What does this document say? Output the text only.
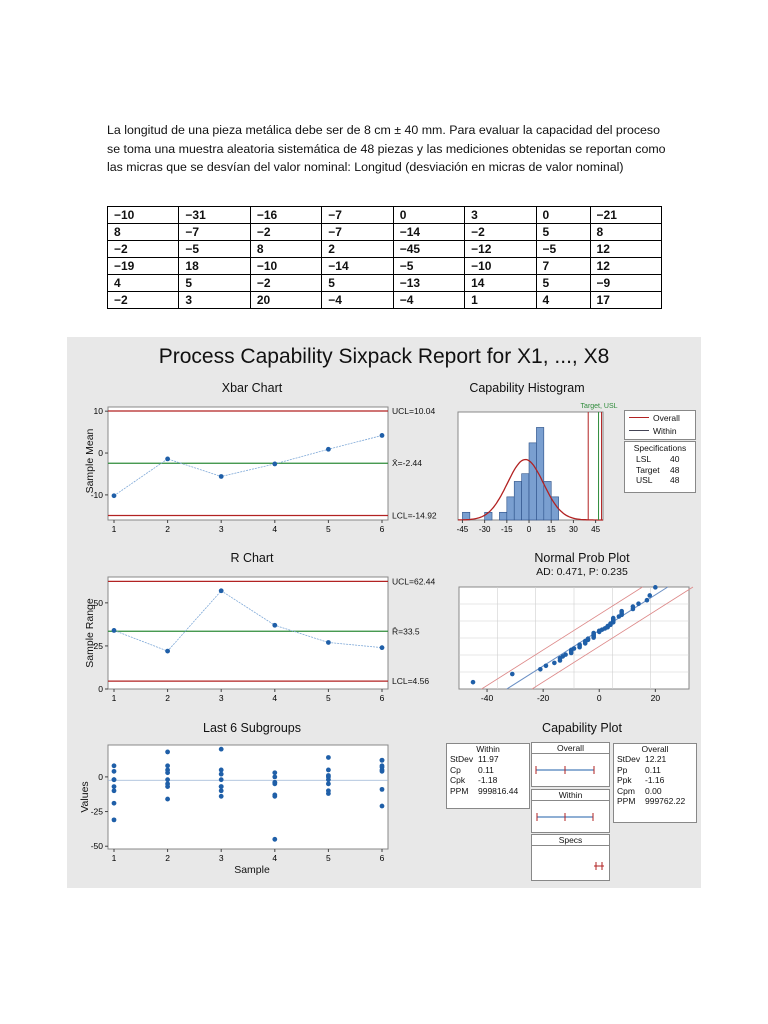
La longitud de una pieza metálica debe ser de 8 cm ± 40 mm. Para evaluar la capacidad del proceso se toma una muestra aleatoria sistemática de 48 piezas y las mediciones obtenidas se reportan como las micras que se desvían del valor nominal: Longitud (desviación en micras de valor nominal)
−10	−31	−16	−7	0	3	0	−21
8	−7	−2	−7	−14	−2	5	8
−2	−5	8	2	−45	−12	−5	12
−19	18	−10	−14	−5	−10	7	12
4	5	−2	5	−13	14	5	−9
−2	3	20	−4	−4	1	4	17
Process Capability Sixpack Report for X1, ..., X8
Xbar Chart
Sample Mean
UCL=10.04
X̄=-2.44
LCL=-14.92
1	2	3	4	5	6
10
0
-10
R Chart
Sample Range
UCL=62.44
R̄=33.5
LCL=4.56
1	2	3	4	5	6
50
25
0
Last 6 Subgroups
Values
1	2	3	4	5	6
0
-25
-50
Sample
Capability Histogram
Target, USL
-45 -30 -15 0 15 30 45
Overall
Within
Specifications
LSL	40
Target	48
USL	48
Normal Prob Plot
AD: 0.471, P: 0.235
-40	-20	0	20
Capability Plot
Within
StDev 11.97
Cp	0.11
Cpk	-1.18
PPM	999816.44
Overall
StDev 12.21
Pp	0.11
Ppk	-1.16
Cpm	0.00
PPM	999762.22
Overall
Within
Specs
